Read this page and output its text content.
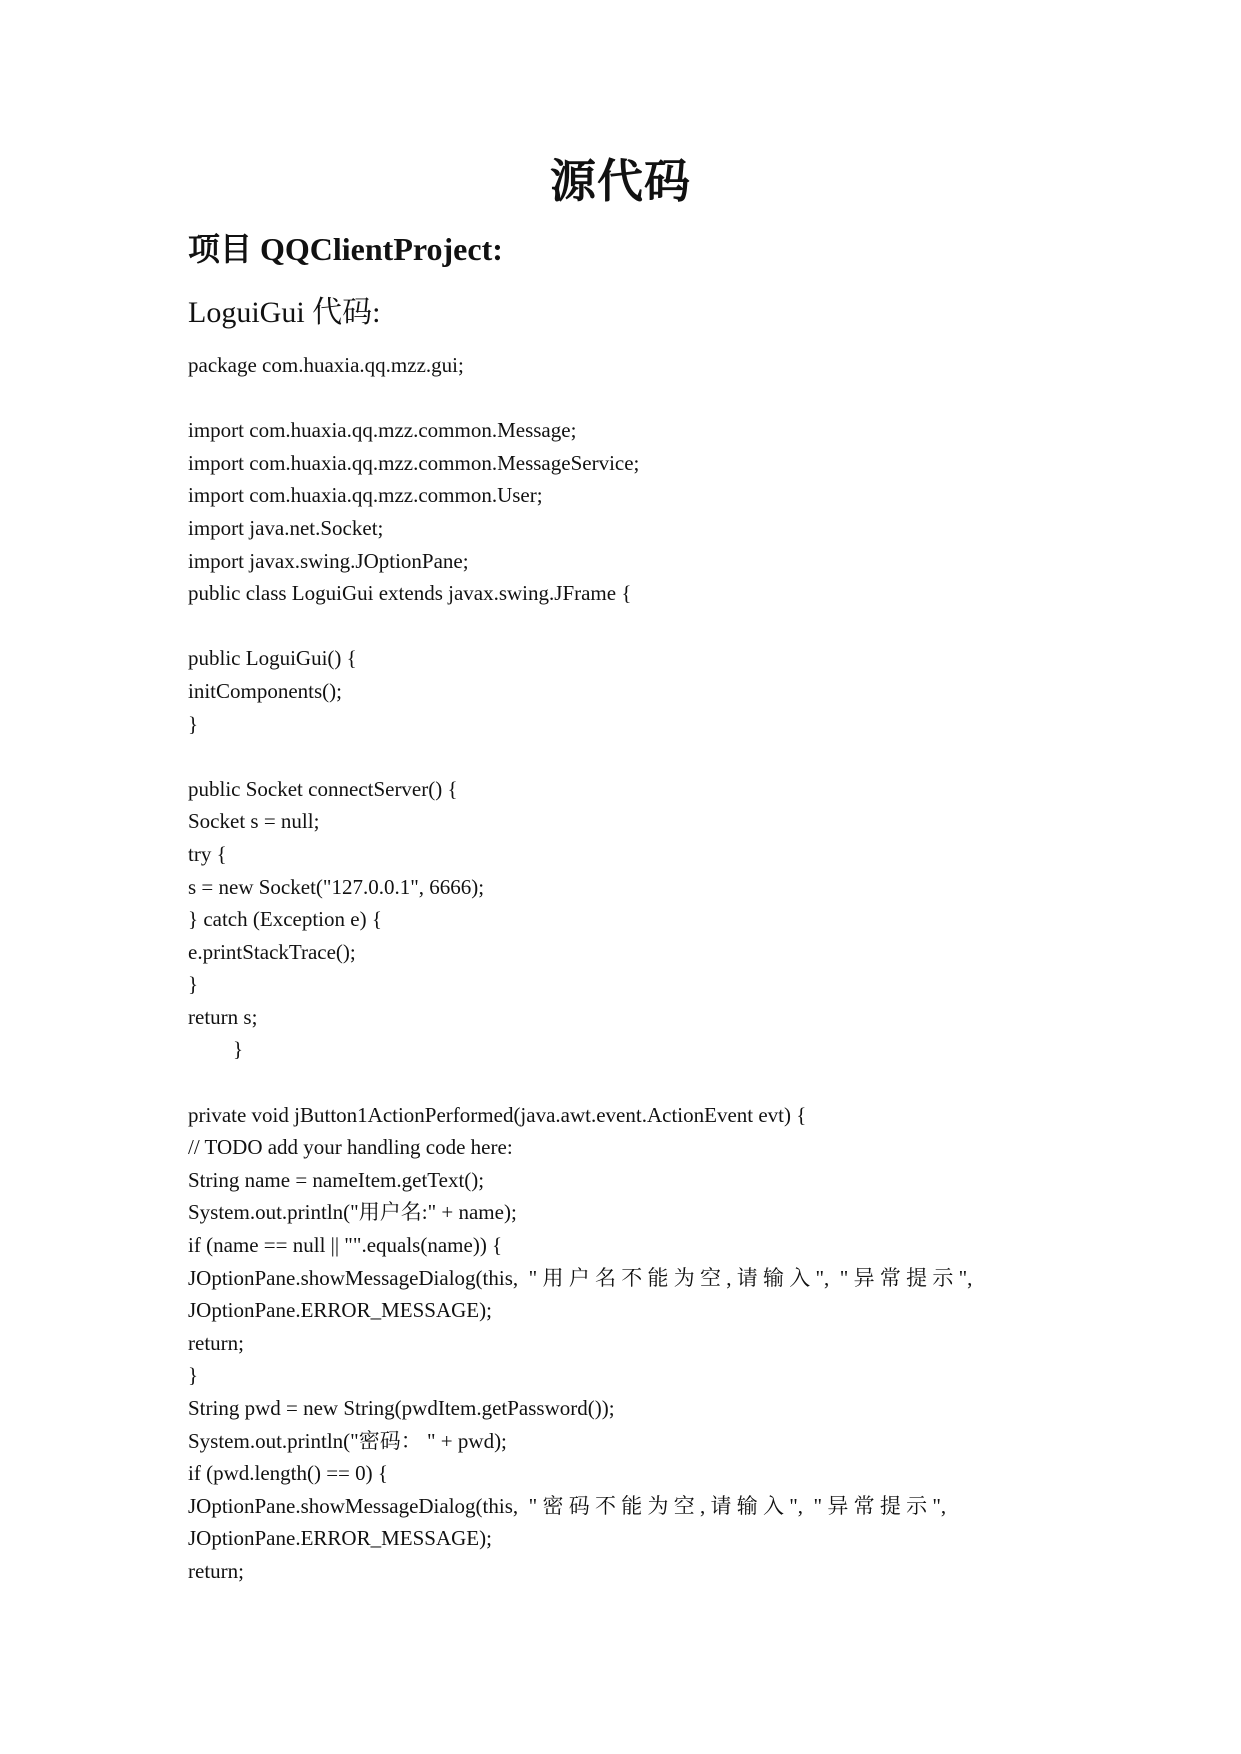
源代码
项目 QQClientProject:
LoguiGui 代码:
package com.huaxia.qq.mzz.gui;
import com.huaxia.qq.mzz.common.Message;
import com.huaxia.qq.mzz.common.MessageService;
import com.huaxia.qq.mzz.common.User;
import java.net.Socket;
import javax.swing.JOptionPane;
public class LoguiGui extends javax.swing.JFrame {
public LoguiGui() {
initComponents();
}
public Socket connectServer() {
Socket s = null;
try {
s = new Socket("127.0.0.1", 6666);
} catch (Exception e) {
e.printStackTrace();
}
return s;
}
private void jButton1ActionPerformed(java.awt.event.ActionEvent evt) {
// TODO add your handling code here:
String name = nameItem.getText();
System.out.println("用户名:" + name);
if (name == null || "".equals(name)) {
JOptionPane.showMessageDialog(this,  " 用 户 名 不 能 为 空 , 请 输 入 ",  " 异 常 提 示 ",
JOptionPane.ERROR_MESSAGE);
return;
}
String pwd = new String(pwdItem.getPassword());
System.out.println("密码： " + pwd);
if (pwd.length() == 0) {
JOptionPane.showMessageDialog(this,  " 密 码 不 能 为 空 , 请 输 入 ",  " 异 常 提 示 ",
JOptionPane.ERROR_MESSAGE);
return;
